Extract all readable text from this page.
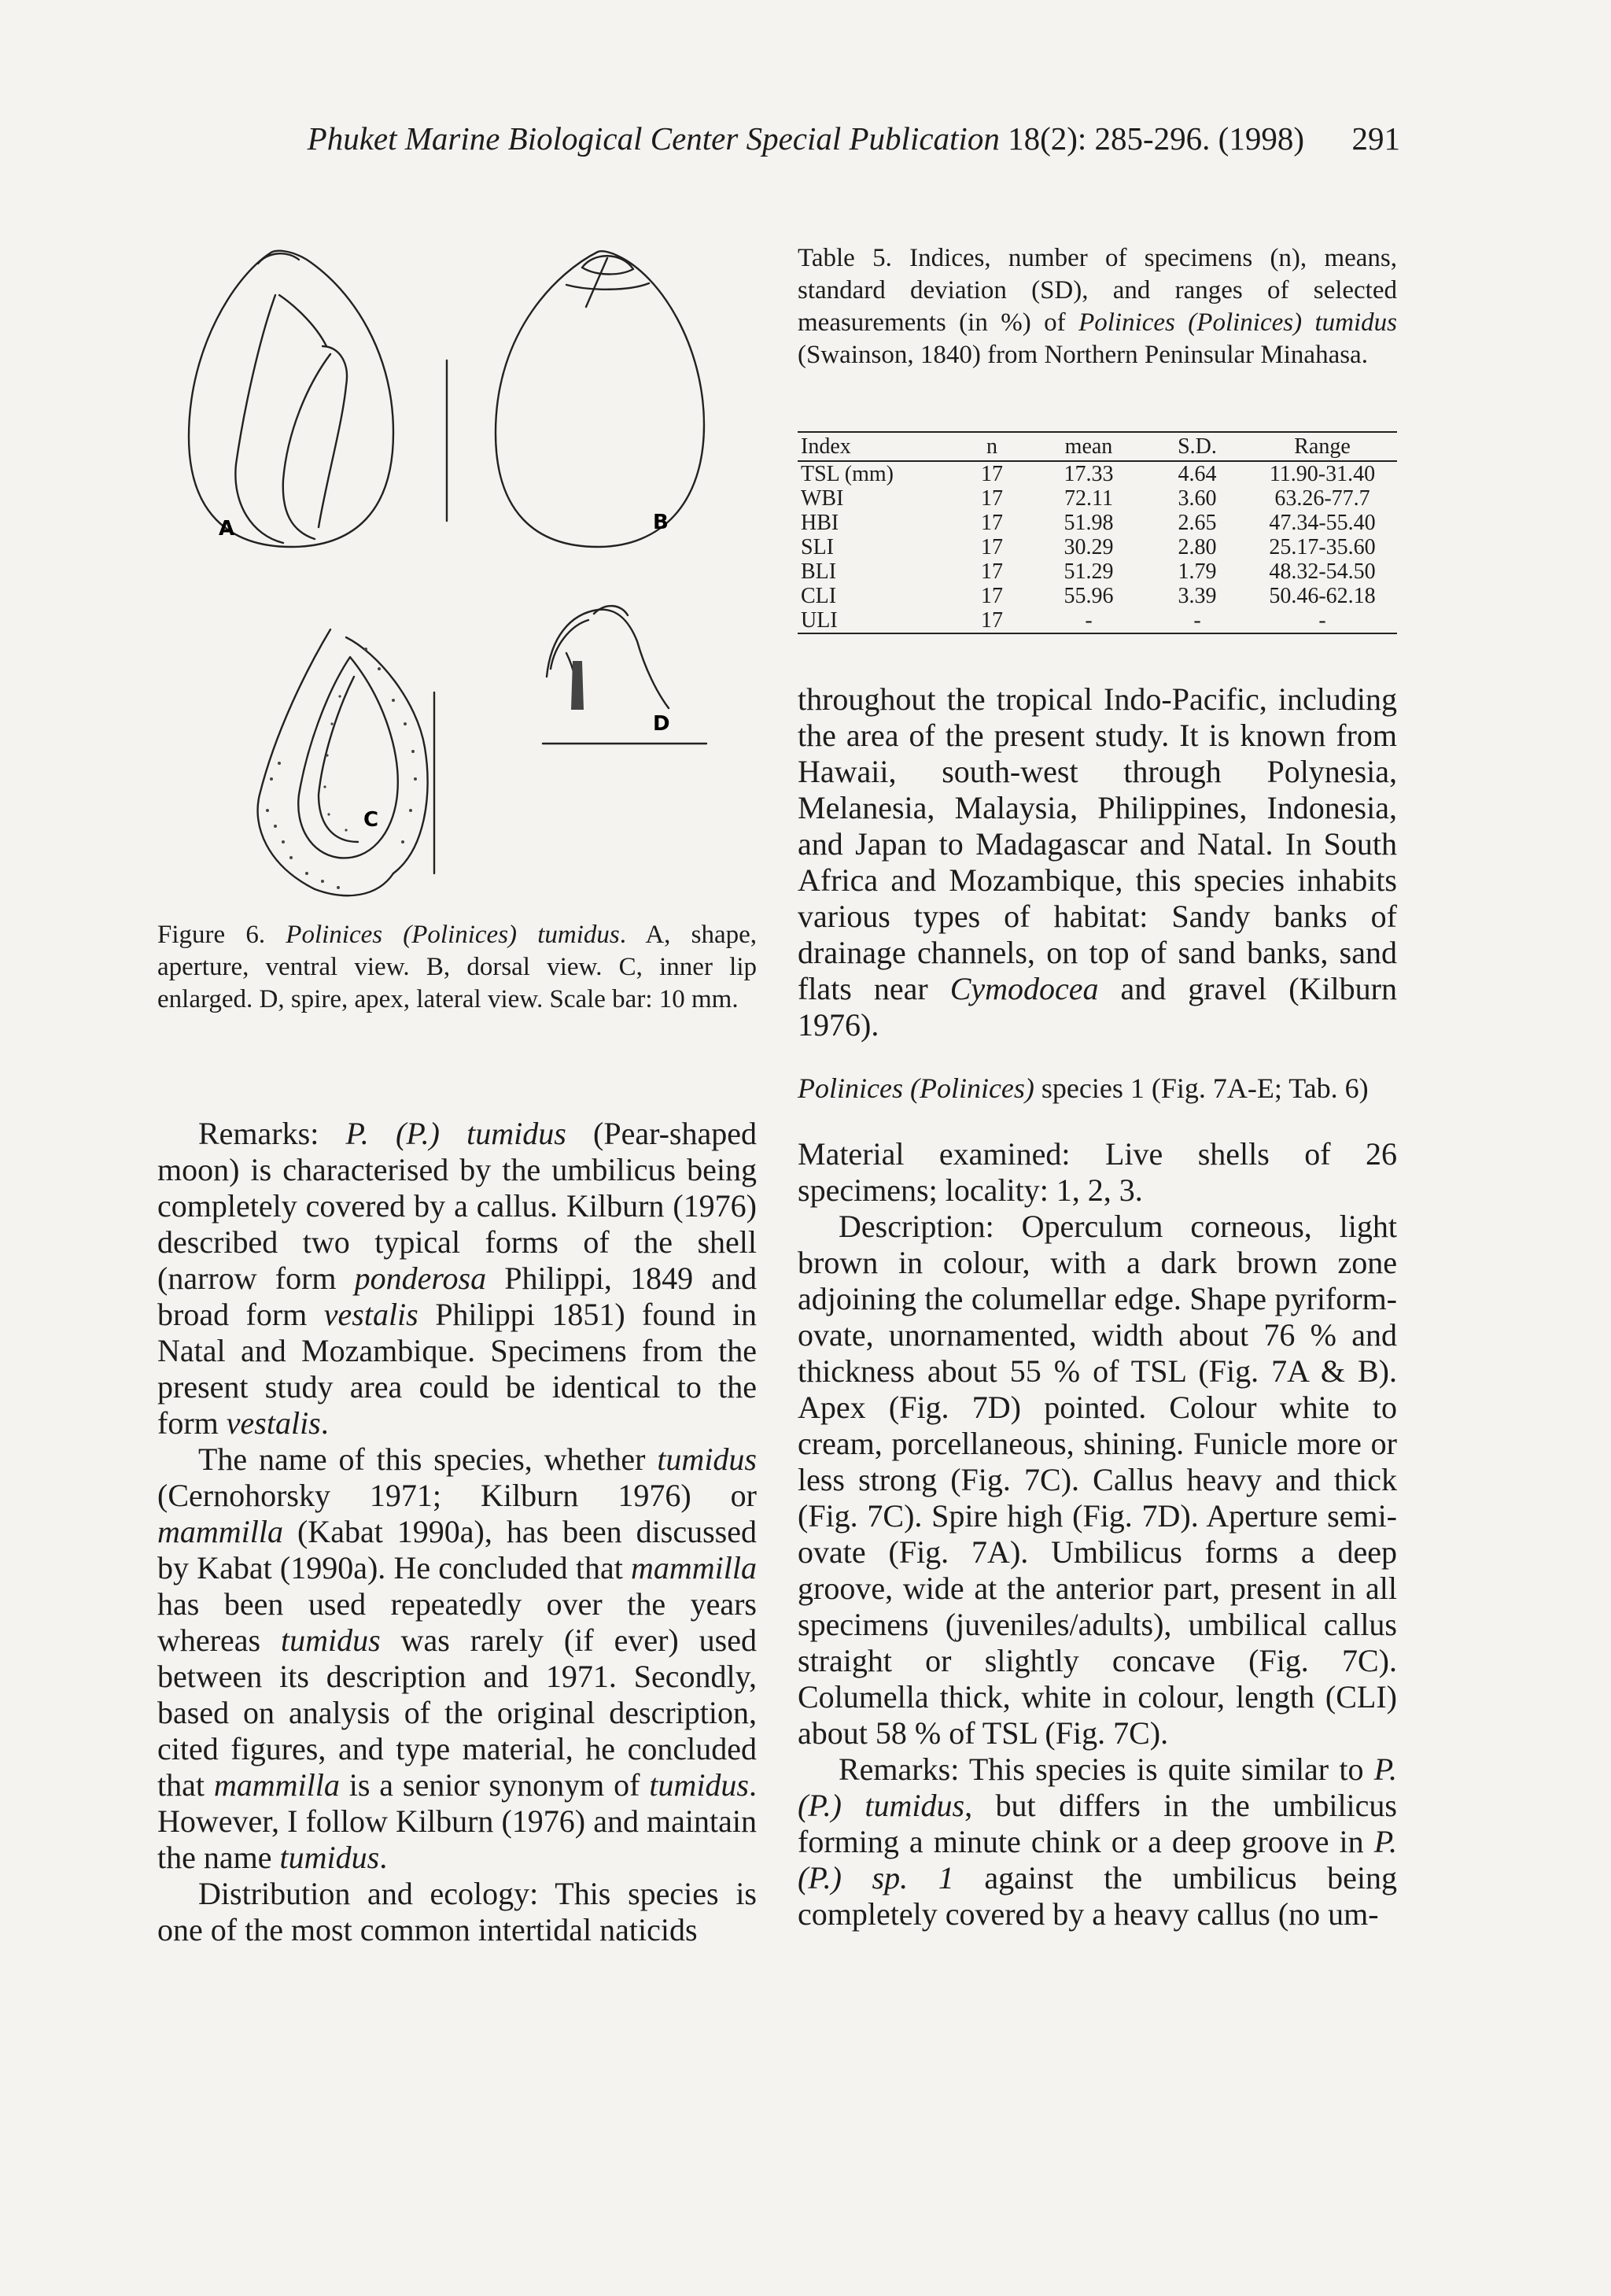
Phuket Marine Biological Center Special Publication 18(2): 285-296. (1998) 291
A	B
C
D

Figure 6. Polinices (Polinices) tumidus. A, shape, aperture, ventral view. B, dorsal view. C, inner lip enlarged. D, spire, apex, lateral view. Scale bar: 10 mm.

Remarks: P. (P.) tumidus (Pear-shaped moon) is characterised by the umbilicus being completely covered by a callus. Kilburn (1976) described two typical forms of the shell (narrow form ponderosa Philippi, 1849 and broad form vestalis Philippi 1851) found in Natal and Mozambique. Specimens from the present study area could be identical to the form vestalis.

The name of this species, whether tumidus (Cernohorsky 1971; Kilburn 1976) or mammilla (Kabat 1990a), has been discussed by Kabat (1990a). He concluded that mammilla has been used repeatedly over the years whereas tumidus was rarely (if ever) used between its description and 1971. Secondly, based on analysis of the original description, cited figures, and type material, he concluded that mammilla is a senior synonym of tumidus. However, I follow Kilburn (1976) and maintain the name tumidus.

Distribution and ecology: This species is one of the most common intertidal naticids

Table 5. Indices, number of specimens (n), means, standard deviation (SD), and ranges of selected measurements (in %) of Polinices (Polinices) tumidus (Swainson, 1840) from Northern Peninsular Minahasa.

Index	n	mean	S.D.	Range
TSL (mm)	17	17.33	4.64	11.90-31.40
WBI	17	72.11	3.60	63.26-77.7
HBI	17	51.98	2.65	47.34-55.40
SLI	17	30.29	2.80	25.17-35.60
BLI	17	51.29	1.79	48.32-54.50
CLI	17	55.96	3.39	50.46-62.18
ULI	17	-	-	-

throughout the tropical Indo-Pacific, including the area of the present study. It is known from Hawaii, south-west through Polynesia, Melanesia, Malaysia, Philippines, Indonesia, and Japan to Madagascar and Natal. In South Africa and Mozambique, this species inhabits various types of habitat: Sandy banks of drainage channels, on top of sand banks, sand flats near Cymodocea and gravel (Kilburn 1976).

Polinices (Polinices) species 1 (Fig. 7A-E; Tab. 6)

Material examined: Live shells of 26 specimens; locality: 1, 2, 3.

Description: Operculum corneous, light brown in colour, with a dark brown zone adjoining the columellar edge. Shape pyriform-ovate, unornamented, width about 76 % and thickness about 55 % of TSL (Fig. 7A & B). Apex (Fig. 7D) pointed. Colour white to cream, porcellaneous, shining. Funicle more or less strong (Fig. 7C). Callus heavy and thick (Fig. 7C). Spire high (Fig. 7D). Aperture semi-ovate (Fig. 7A). Umbilicus forms a deep groove, wide at the anterior part, present in all specimens (juveniles/adults), umbilical callus straight or slightly concave (Fig. 7C). Columella thick, white in colour, length (CLI) about 58 % of TSL (Fig. 7C).

Remarks: This species is quite similar to P. (P.) tumidus, but differs in the umbilicus forming a minute chink or a deep groove in P. (P.) sp. 1 against the umbilicus being completely covered by a heavy callus (no um-
